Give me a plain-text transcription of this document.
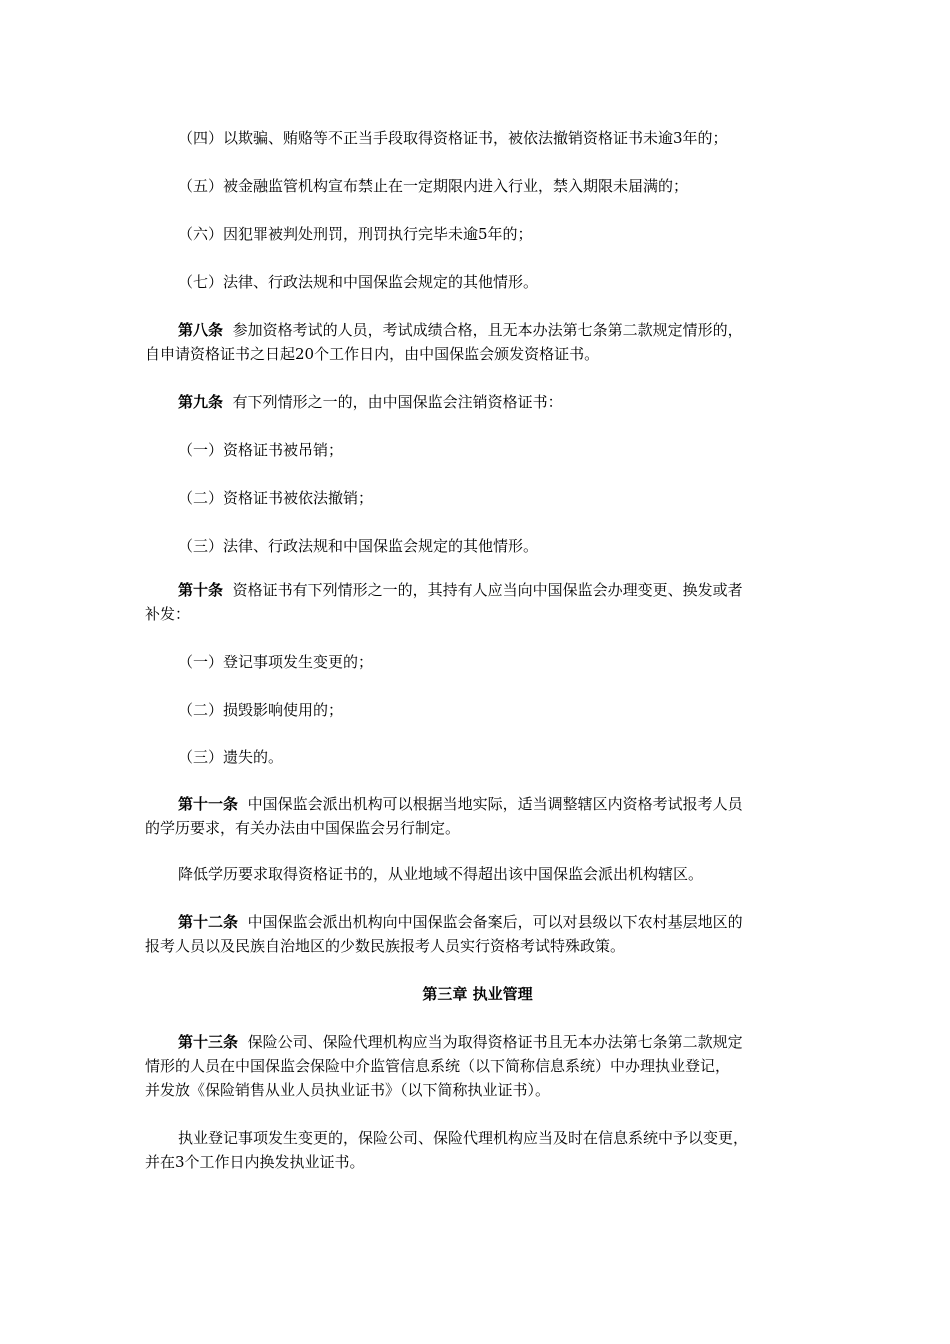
（四）以欺骗、贿赂等不正当手段取得资格证书，被依法撤销资格证书未逾3年的；
（五）被金融监管机构宣布禁止在一定期限内进入行业，禁入期限未届满的；
（六）因犯罪被判处刑罚，刑罚执行完毕未逾5年的；
（七）法律、行政法规和中国保监会规定的其他情形。
第八条 参加资格考试的人员，考试成绩合格，且无本办法第七条第二款规定情形的，
自申请资格证书之日起20个工作日内，由中国保监会颁发资格证书。
第九条 有下列情形之一的，由中国保监会注销资格证书：
（一）资格证书被吊销；
（二）资格证书被依法撤销；
（三）法律、行政法规和中国保监会规定的其他情形。
第十条 资格证书有下列情形之一的，其持有人应当向中国保监会办理变更、换发或者
补发：
（一）登记事项发生变更的；
（二）损毁影响使用的；
（三）遗失的。
第十一条 中国保监会派出机构可以根据当地实际，适当调整辖区内资格考试报考人员
的学历要求，有关办法由中国保监会另行制定。
降低学历要求取得资格证书的，从业地域不得超出该中国保监会派出机构辖区。
第十二条 中国保监会派出机构向中国保监会备案后，可以对县级以下农村基层地区的
报考人员以及民族自治地区的少数民族报考人员实行资格考试特殊政策。
第三章 执业管理
第十三条 保险公司、保险代理机构应当为取得资格证书且无本办法第七条第二款规定
情形的人员在中国保监会保险中介监管信息系统（以下简称信息系统）中办理执业登记，
并发放《保险销售从业人员执业证书》（以下简称执业证书）。
执业登记事项发生变更的，保险公司、保险代理机构应当及时在信息系统中予以变更，
并在3个工作日内换发执业证书。
